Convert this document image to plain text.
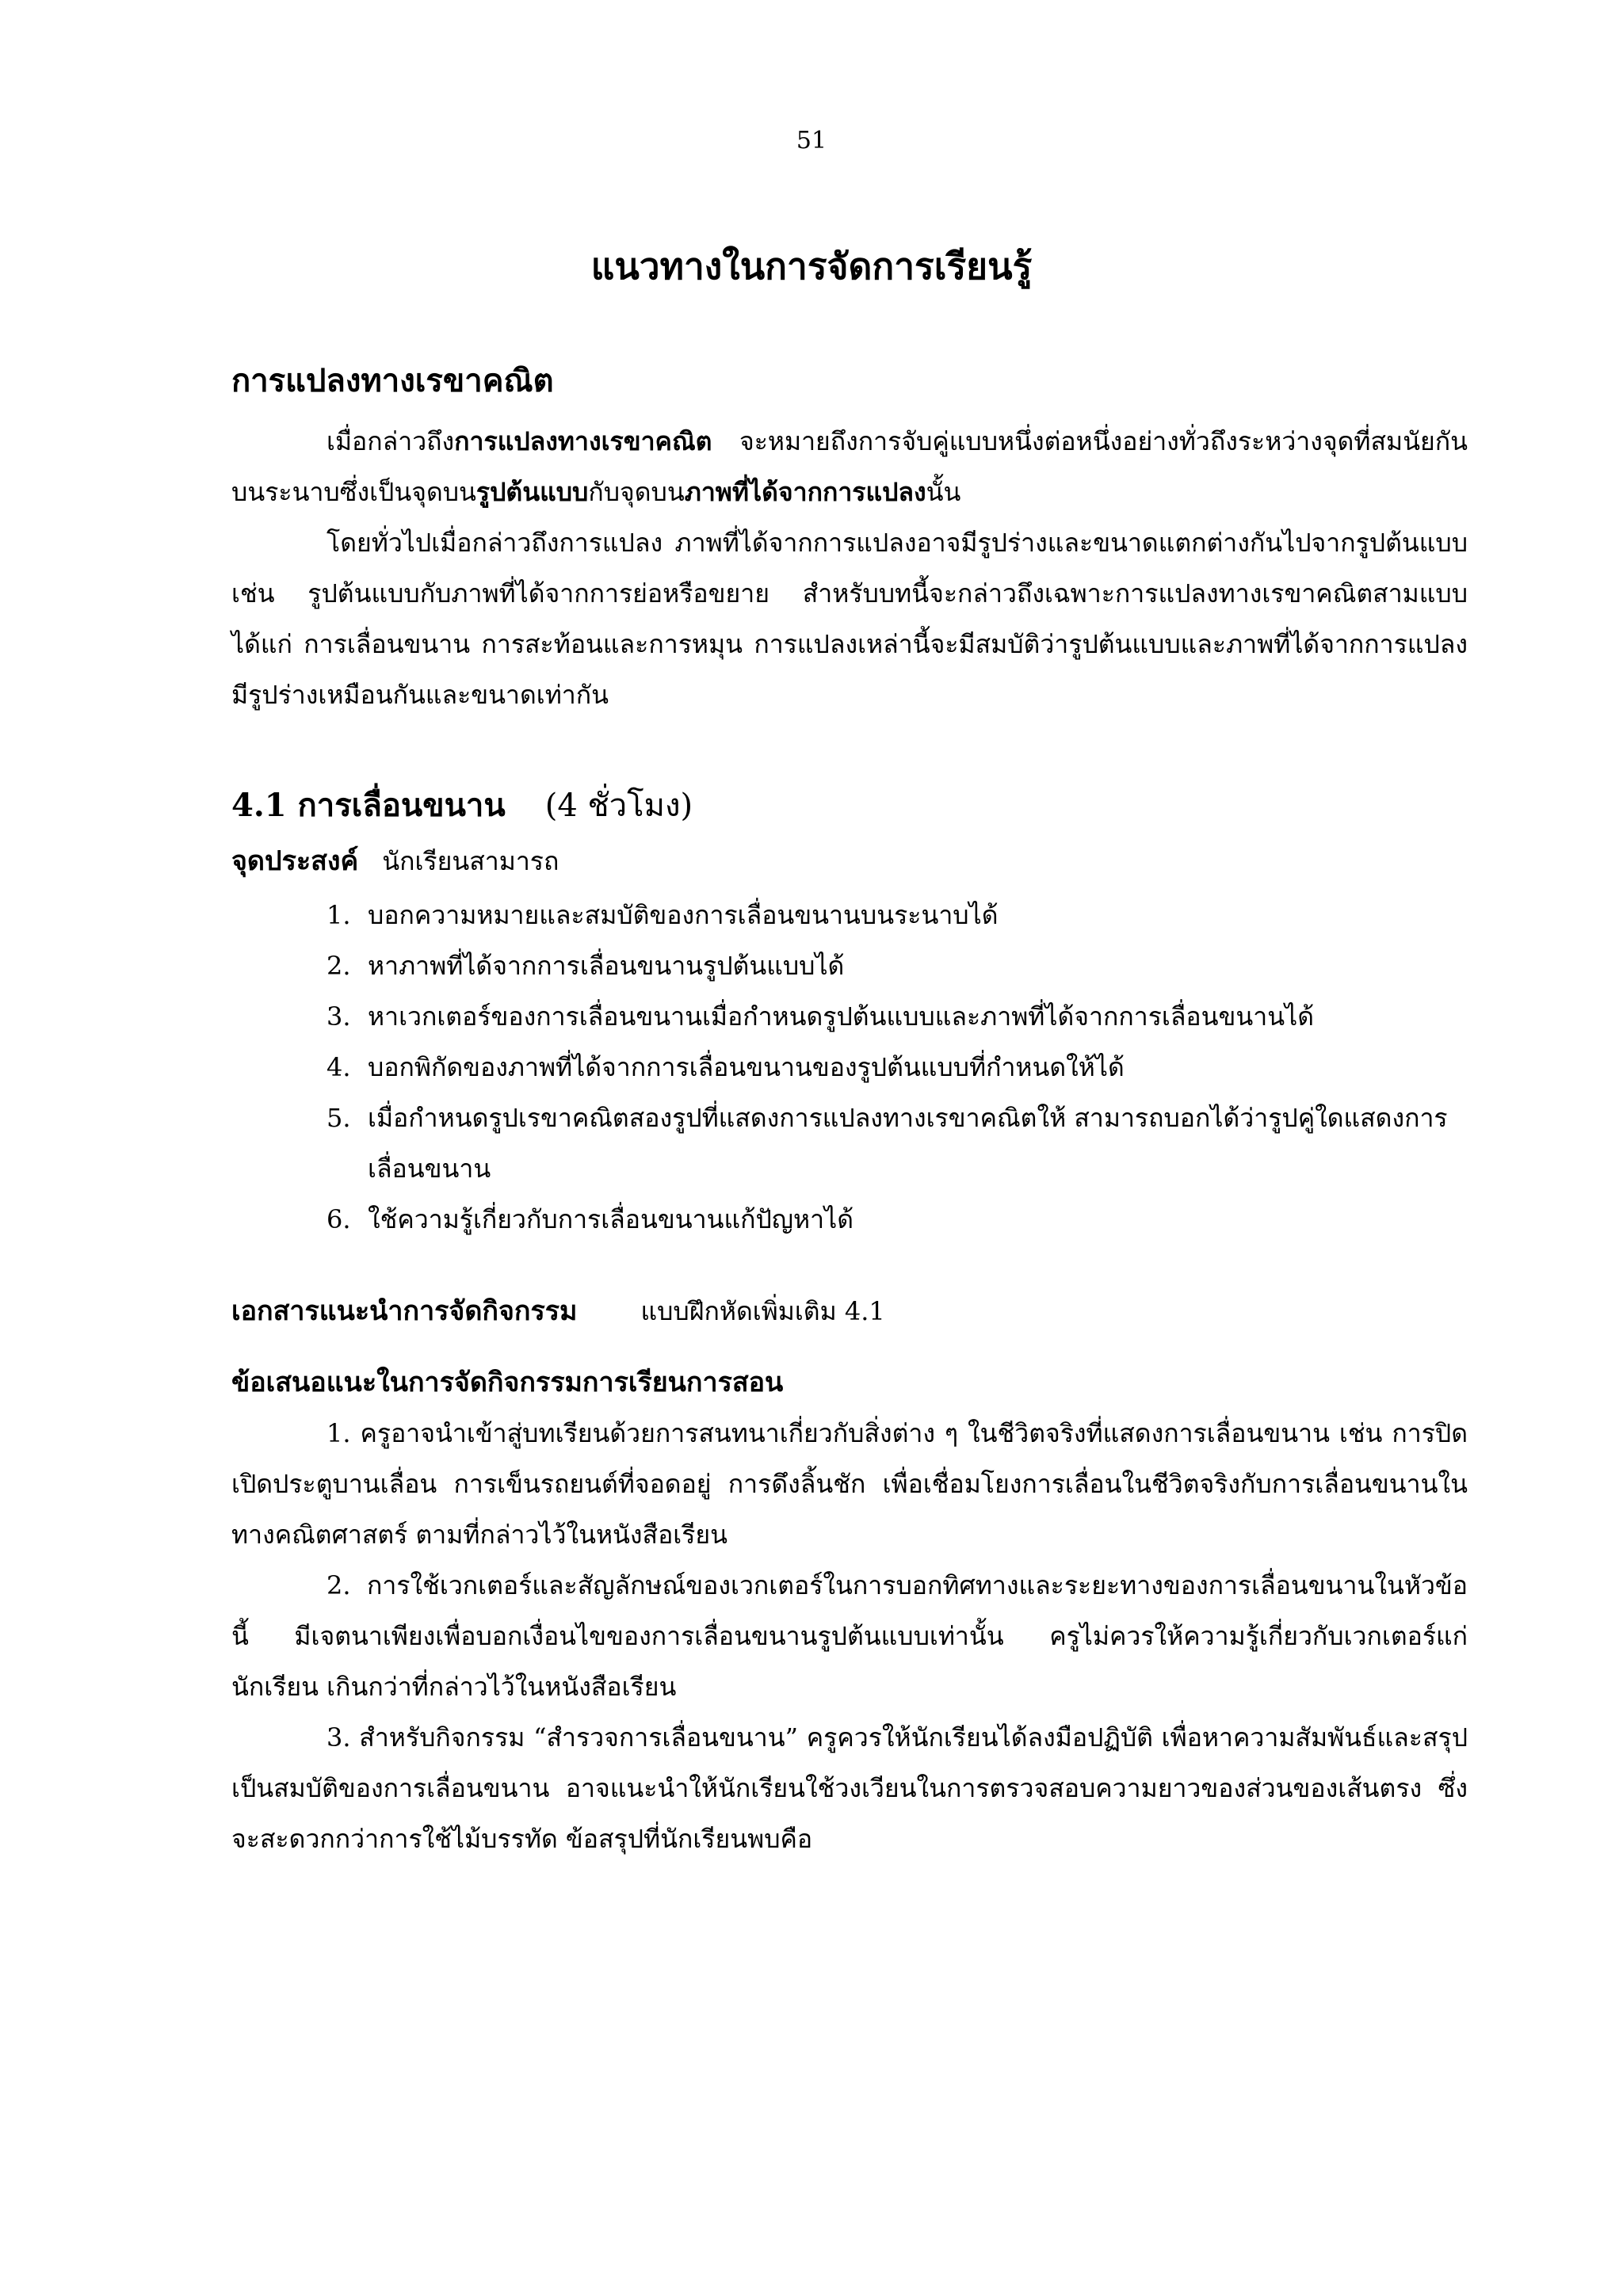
51
แนวทางในการจัดการเรียนรู้
การแปลงทางเรขาคณิต

เมื่อกล่าวถึงการแปลงทางเรขาคณิต จะหมายถึงการจับคู่แบบหนึ่งต่อหนึ่งอย่างทั่วถึงระหว่างจุดที่สมนัยกันบนระนาบซึ่งเป็นจุดบนรูปต้นแบบกับจุดบนภาพที่ได้จากการแปลงนั้น

โดยทั่วไปเมื่อกล่าวถึงการแปลง ภาพที่ได้จากการแปลงอาจมีรูปร่างและขนาดแตกต่างกันไปจากรูปต้นแบบ เช่น รูปต้นแบบกับภาพที่ได้จากการย่อหรือขยาย สำหรับบทนี้จะกล่าวถึงเฉพาะการแปลงทางเรขาคณิตสามแบบ ได้แก่ การเลื่อนขนาน การสะท้อนและการหมุน การแปลงเหล่านี้จะมีสมบัติว่ารูปต้นแบบและภาพที่ได้จากการแปลงมีรูปร่างเหมือนกันและขนาดเท่ากัน

4.1 การเลื่อนขนาน (4 ชั่วโมง)
จุดประสงค์ นักเรียนสามารถ
1. บอกความหมายและสมบัติของการเลื่อนขนานบนระนาบได้
2. หาภาพที่ได้จากการเลื่อนขนานรูปต้นแบบได้
3. หาเวกเตอร์ของการเลื่อนขนานเมื่อกำหนดรูปต้นแบบและภาพที่ได้จากการเลื่อนขนานได้
4. บอกพิกัดของภาพที่ได้จากการเลื่อนขนานของรูปต้นแบบที่กำหนดให้ได้
5. เมื่อกำหนดรูปเรขาคณิตสองรูปที่แสดงการแปลงทางเรขาคณิตให้ สามารถบอกได้ว่ารูปคู่ใดแสดงการเลื่อนขนาน
6. ใช้ความรู้เกี่ยวกับการเลื่อนขนานแก้ปัญหาได้
เอกสารแนะนำการจัดกิจกรรม	แบบฝึกหัดเพิ่มเติม 4.1
ข้อเสนอแนะในการจัดกิจกรรมการเรียนการสอน

1. ครูอาจนำเข้าสู่บทเรียนด้วยการสนทนาเกี่ยวกับสิ่งต่าง ๆ ในชีวิตจริงที่แสดงการเลื่อนขนาน เช่น การปิดเปิดประตูบานเลื่อน การเข็นรถยนต์ที่จอดอยู่ การดึงลิ้นชัก เพื่อเชื่อมโยงการเลื่อนในชีวิตจริงกับการเลื่อนขนานในทางคณิตศาสตร์ ตามที่กล่าวไว้ในหนังสือเรียน

2. การใช้เวกเตอร์และสัญลักษณ์ของเวกเตอร์ในการบอกทิศทางและระยะทางของการเลื่อนขนานในหัวข้อนี้ มีเจตนาเพียงเพื่อบอกเงื่อนไขของการเลื่อนขนานรูปต้นแบบเท่านั้น ครูไม่ควรให้ความรู้เกี่ยวกับเวกเตอร์แก่นักเรียน เกินกว่าที่กล่าวไว้ในหนังสือเรียน

3. สำหรับกิจกรรม “สำรวจการเลื่อนขนาน” ครูควรให้นักเรียนได้ลงมือปฏิบัติ เพื่อหาความสัมพันธ์และสรุปเป็นสมบัติของการเลื่อนขนาน อาจแนะนำให้นักเรียนใช้วงเวียนในการตรวจสอบความยาวของส่วนของเส้นตรง ซึ่งจะสะดวกกว่าการใช้ไม้บรรทัด ข้อสรุปที่นักเรียนพบคือ
